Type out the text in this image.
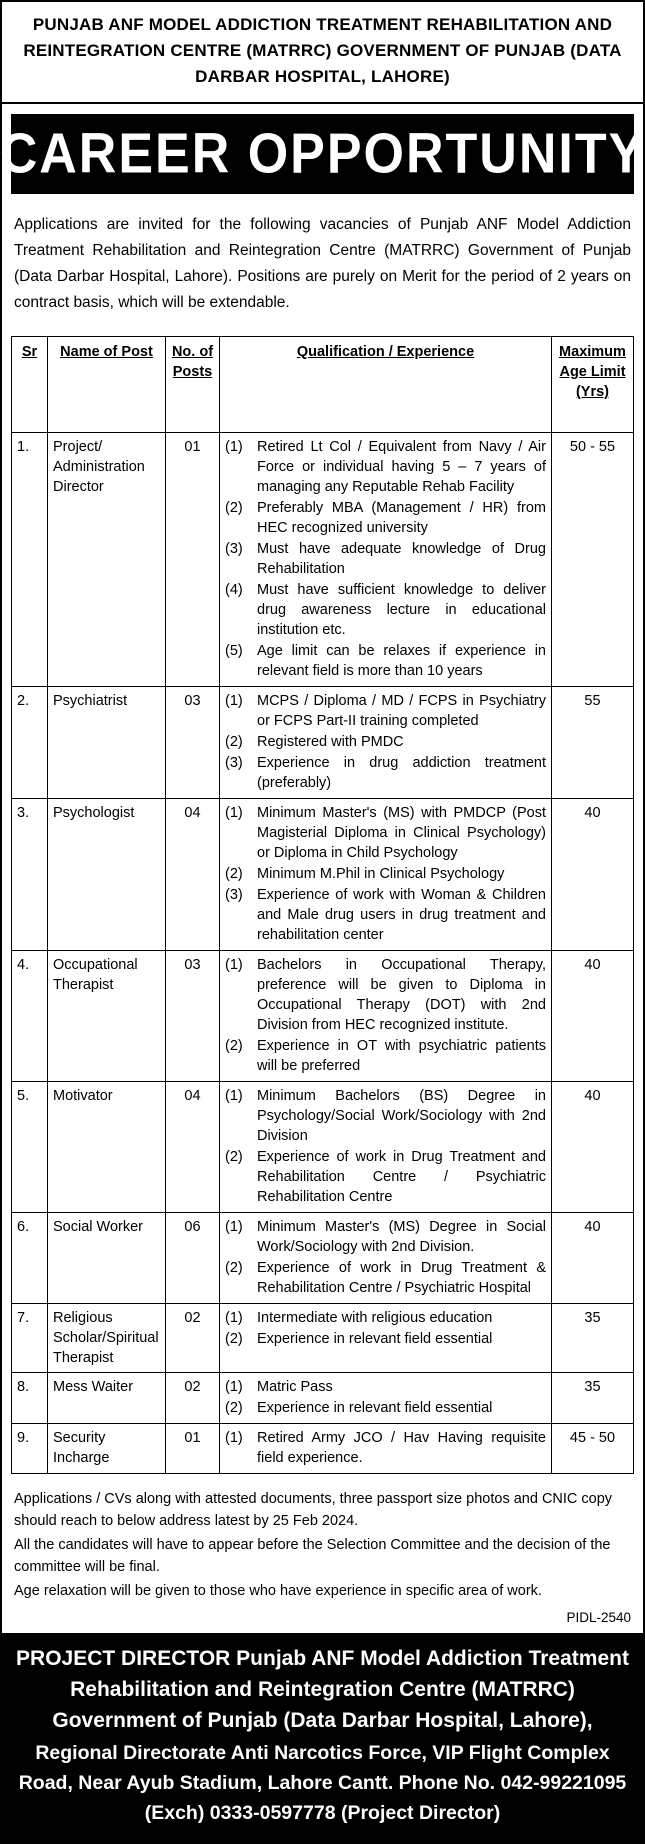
PUNJAB ANF MODEL ADDICTION TREATMENT REHABILITATION AND REINTEGRATION CENTRE (MATRRC) GOVERNMENT OF PUNJAB (DATA DARBAR HOSPITAL, LAHORE)
CAREER OPPORTUNITY
Applications are invited for the following vacancies of Punjab ANF Model Addiction Treatment Rehabilitation and Reintegration Centre (MATRRC) Government of Punjab (Data Darbar Hospital, Lahore). Positions are purely on Merit for the period of 2 years on contract basis, which will be extendable.
Sr	Name of Post	No. of Posts	Qualification / Experience	Maximum Age Limit (Yrs)
1.	Project/ Administration Director	01	(1) Retired Lt Col / Equivalent from Navy / Air Force or individual having 5 – 7 years of managing any Reputable Rehab Facility
(2) Preferably MBA (Management / HR) from HEC recognized university
(3) Must have adequate knowledge of Drug Rehabilitation
(4) Must have sufficient knowledge to deliver drug awareness lecture in educational institution etc.
(5) Age limit can be relaxes if experience in relevant field is more than 10 years
	50 - 55
2.	Psychiatrist	03	(1) MCPS / Diploma / MD / FCPS in Psychiatry or FCPS Part-II training completed
(2) Registered with PMDC
(3) Experience in drug addiction treatment (preferably)
	55
3.	Psychologist	04	(1) Minimum Master's (MS) with PMDCP (Post Magisterial Diploma in Clinical Psychology) or Diploma in Child Psychology
(2) Minimum M.Phil in Clinical Psychology
(3) Experience of work with Woman & Children and Male drug users in drug treatment and rehabilitation center
	40
4.	Occupational Therapist	03	(1) Bachelors in Occupational Therapy, preference will be given to Diploma in Occupational Therapy (DOT) with 2nd Division from HEC recognized institute.
(2) Experience in OT with psychiatric patients will be preferred	40
5.	Motivator	04	(1) Minimum Bachelors (BS) Degree in Psychology/Social Work/Sociology with 2nd Division
(2) Experience of work in Drug Treatment and Rehabilitation Centre / Psychiatric Rehabilitation Centre	40
6.	Social Worker	06	(1) Minimum Master's (MS) Degree in Social Work/Sociology with 2nd Division.
(2) Experience of work in Drug Treatment & Rehabilitation Centre / Psychiatric Hospital	40
7.	Religious Scholar/Spiritual Therapist	02	(1) Intermediate with religious education
(2) Experience in relevant field essential	35
8.	Mess Waiter	02	(1) Matric Pass
(2) Experience in relevant field essential	35
9.	Security Incharge	01	(1) Retired Army JCO / Hav Having requisite field experience.	45 - 50
Applications / CVs along with attested documents, three passport size photos and CNIC copy should reach to below address latest by 25 Feb 2024.
All the candidates will have to appear before the Selection Committee and the decision of the committee will be final.
Age relaxation will be given to those who have experience in specific area of work.
PIDL-2540
PROJECT DIRECTOR Punjab ANF Model Addiction Treatment Rehabilitation and Reintegration Centre (MATRRC) Government of Punjab (Data Darbar Hospital, Lahore),
Regional Directorate Anti Narcotics Force, VIP Flight Complex Road, Near Ayub Stadium, Lahore Cantt. Phone No. 042-99221095 (Exch) 0333-0597778 (Project Director)
